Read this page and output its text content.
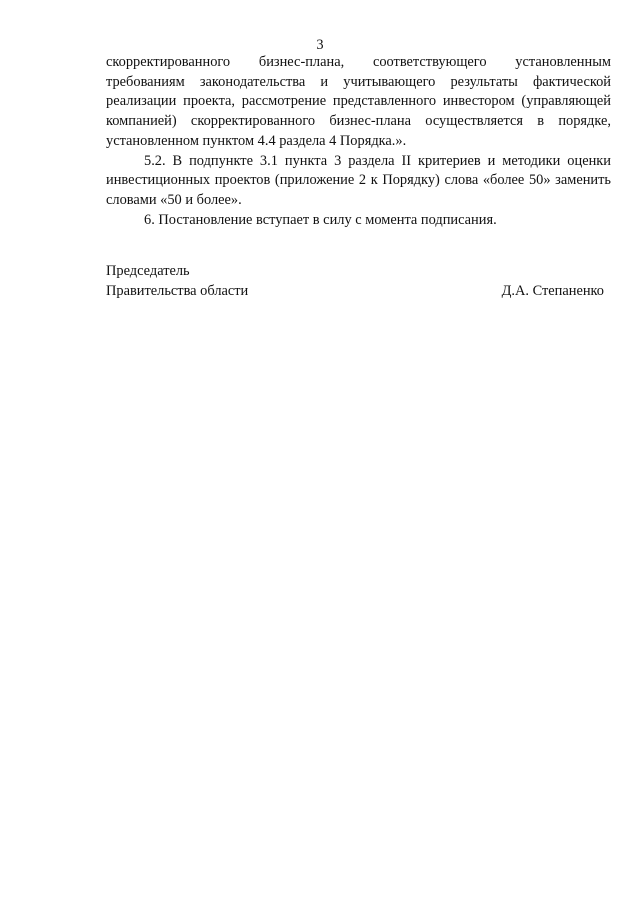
3

скорректированного бизнес-плана, соответствующего установленным требованиям законодательства и учитывающего результаты фактической реализации проекта, рассмотрение представленного инвестором (управляющей компанией) скорректированного бизнес-плана осуществляется в порядке, установленном пунктом 4.4 раздела 4 Порядка.».

5.2. В подпункте 3.1 пункта 3 раздела II критериев и методики оценки инвестиционных проектов (приложение 2 к Порядку) слова «более 50» заменить словами «50 и более».

6. Постановление вступает в силу с момента подписания.

Председатель
Правительства области	Д.А. Степаненко
